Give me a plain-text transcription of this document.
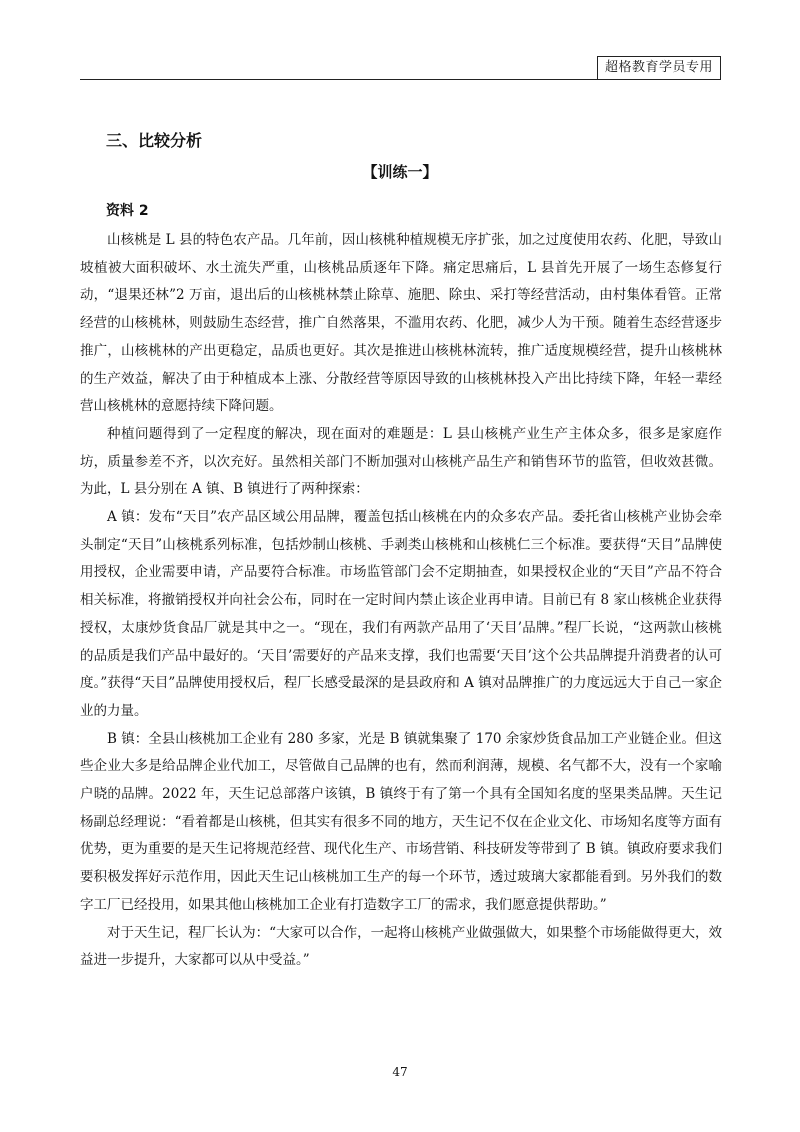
超格教育学员专用
三、比较分析
【训练一】
资料 2

山核桃是 L 县的特色农产品。几年前，因山核桃种植规模无序扩张，加之过度使用农药、化肥，导致山坡植被大面积破坏、水土流失严重，山核桃品质逐年下降。痛定思痛后，L 县首先开展了一场生态修复行动，“退果还林”2 万亩，退出后的山核桃林禁止除草、施肥、除虫、采打等经营活动，由村集体看管。正常经营的山核桃林，则鼓励生态经营，推广自然落果，不滥用农药、化肥，减少人为干预。随着生态经营逐步推广，山核桃林的产出更稳定，品质也更好。其次是推进山核桃林流转，推广适度规模经营，提升山核桃林的生产效益，解决了由于种植成本上涨、分散经营等原因导致的山核桃林投入产出比持续下降，年轻一辈经营山核桃林的意愿持续下降问题。

种植问题得到了一定程度的解决，现在面对的难题是：L 县山核桃产业生产主体众多，很多是家庭作坊，质量参差不齐，以次充好。虽然相关部门不断加强对山核桃产品生产和销售环节的监管，但收效甚微。为此，L 县分别在 A 镇、B 镇进行了两种探索：

A 镇：发布“天目”农产品区域公用品牌，覆盖包括山核桃在内的众多农产品。委托省山核桃产业协会牵头制定“天目”山核桃系列标准，包括炒制山核桃、手剥类山核桃和山核桃仁三个标准。要获得“天目”品牌使用授权，企业需要申请，产品要符合标准。市场监管部门会不定期抽查，如果授权企业的“天目”产品不符合相关标准，将撤销授权并向社会公布，同时在一定时间内禁止该企业再申请。目前已有 8 家山核桃企业获得授权，太康炒货食品厂就是其中之一。“现在，我们有两款产品用了‘天目’品牌。”程厂长说，“这两款山核桃的品质是我们产品中最好的。‘天目’需要好的产品来支撑，我们也需要‘天目’这个公共品牌提升消费者的认可度。”获得“天目”品牌使用授权后，程厂长感受最深的是县政府和 A 镇对品牌推广的力度远远大于自己一家企业的力量。

B 镇：全县山核桃加工企业有 280 多家，光是 B 镇就集聚了 170 余家炒货食品加工产业链企业。但这些企业大多是给品牌企业代加工，尽管做自己品牌的也有，然而利润薄，规模、名气都不大，没有一个家喻户晓的品牌。2022 年，天生记总部落户该镇，B 镇终于有了第一个具有全国知名度的坚果类品牌。天生记杨副总经理说：“看着都是山核桃，但其实有很多不同的地方，天生记不仅在企业文化、市场知名度等方面有优势，更为重要的是天生记将规范经营、现代化生产、市场营销、科技研发等带到了 B 镇。镇政府要求我们要积极发挥好示范作用，因此天生记山核桃加工生产的每一个环节，透过玻璃大家都能看到。另外我们的数字工厂已经投用，如果其他山核桃加工企业有打造数字工厂的需求，我们愿意提供帮助。”

对于天生记，程厂长认为：“大家可以合作，一起将山核桃产业做强做大，如果整个市场能做得更大，效益进一步提升，大家都可以从中受益。”

47
